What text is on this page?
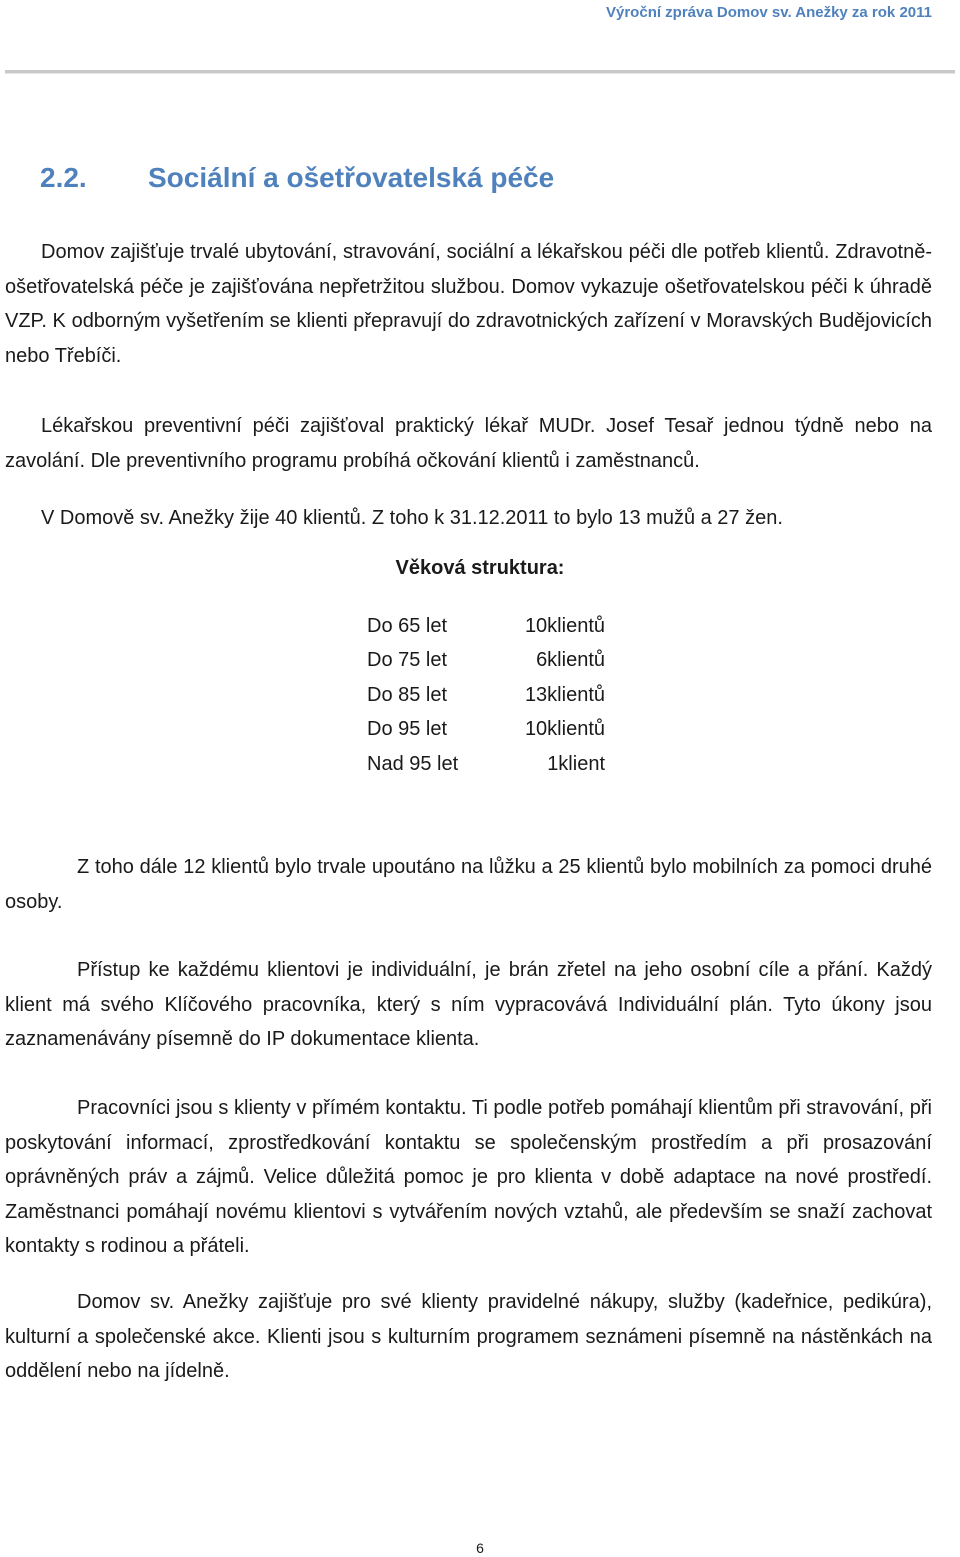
Výroční zpráva Domov sv. Anežky za rok 2011
2.2.	Sociální a ošetřovatelská péče

Domov zajišťuje trvalé ubytování, stravování, sociální a lékařskou péči dle potřeb klientů. Zdravotně-ošetřovatelská péče je zajišťována nepřetržitou službou. Domov vykazuje ošetřovatelskou péči k úhradě VZP. K odborným vyšetřením se klienti přepravují do zdravotnických zařízení v Moravských Budějovicích nebo Třebíči.

Lékařskou preventivní péči zajišťoval praktický lékař MUDr. Josef Tesař jednou týdně nebo na zavolání. Dle preventivního programu probíhá očkování klientů i zaměstnanců.

V Domově sv. Anežky žije 40 klientů. Z toho k 31.12.2011 to bylo 13 mužů a 27 žen.

Věková struktura:
Do 65 let	10klientů
Do 75 let	6klientů
Do 85 let	13klientů
Do 95 let	10klientů
Nad 95 let	1klient

Z toho dále 12 klientů bylo trvale upoutáno na lůžku a 25 klientů bylo mobilních za pomoci druhé osoby.

Přístup ke každému klientovi je individuální, je brán zřetel na jeho osobní cíle a přání. Každý klient má svého Klíčového pracovníka, který s ním vypracovává Individuální plán. Tyto úkony jsou zaznamenávány písemně do IP dokumentace klienta.

Pracovníci jsou s klienty v přímém kontaktu. Ti podle potřeb pomáhají klientům při stravování, při poskytování informací, zprostředkování kontaktu se společenským prostředím a při prosazování oprávněných práv a zájmů. Velice důležitá pomoc je pro klienta v době adaptace na nové prostředí. Zaměstnanci pomáhají novému klientovi s vytvářením nových vztahů, ale především se snaží zachovat kontakty s rodinou a přáteli.

Domov sv. Anežky zajišťuje pro své klienty pravidelné nákupy, služby (kadeřnice, pedikúra), kulturní a společenské akce. Klienti jsou s kulturním programem seznámeni písemně na nástěnkách na oddělení nebo na jídelně.

6
